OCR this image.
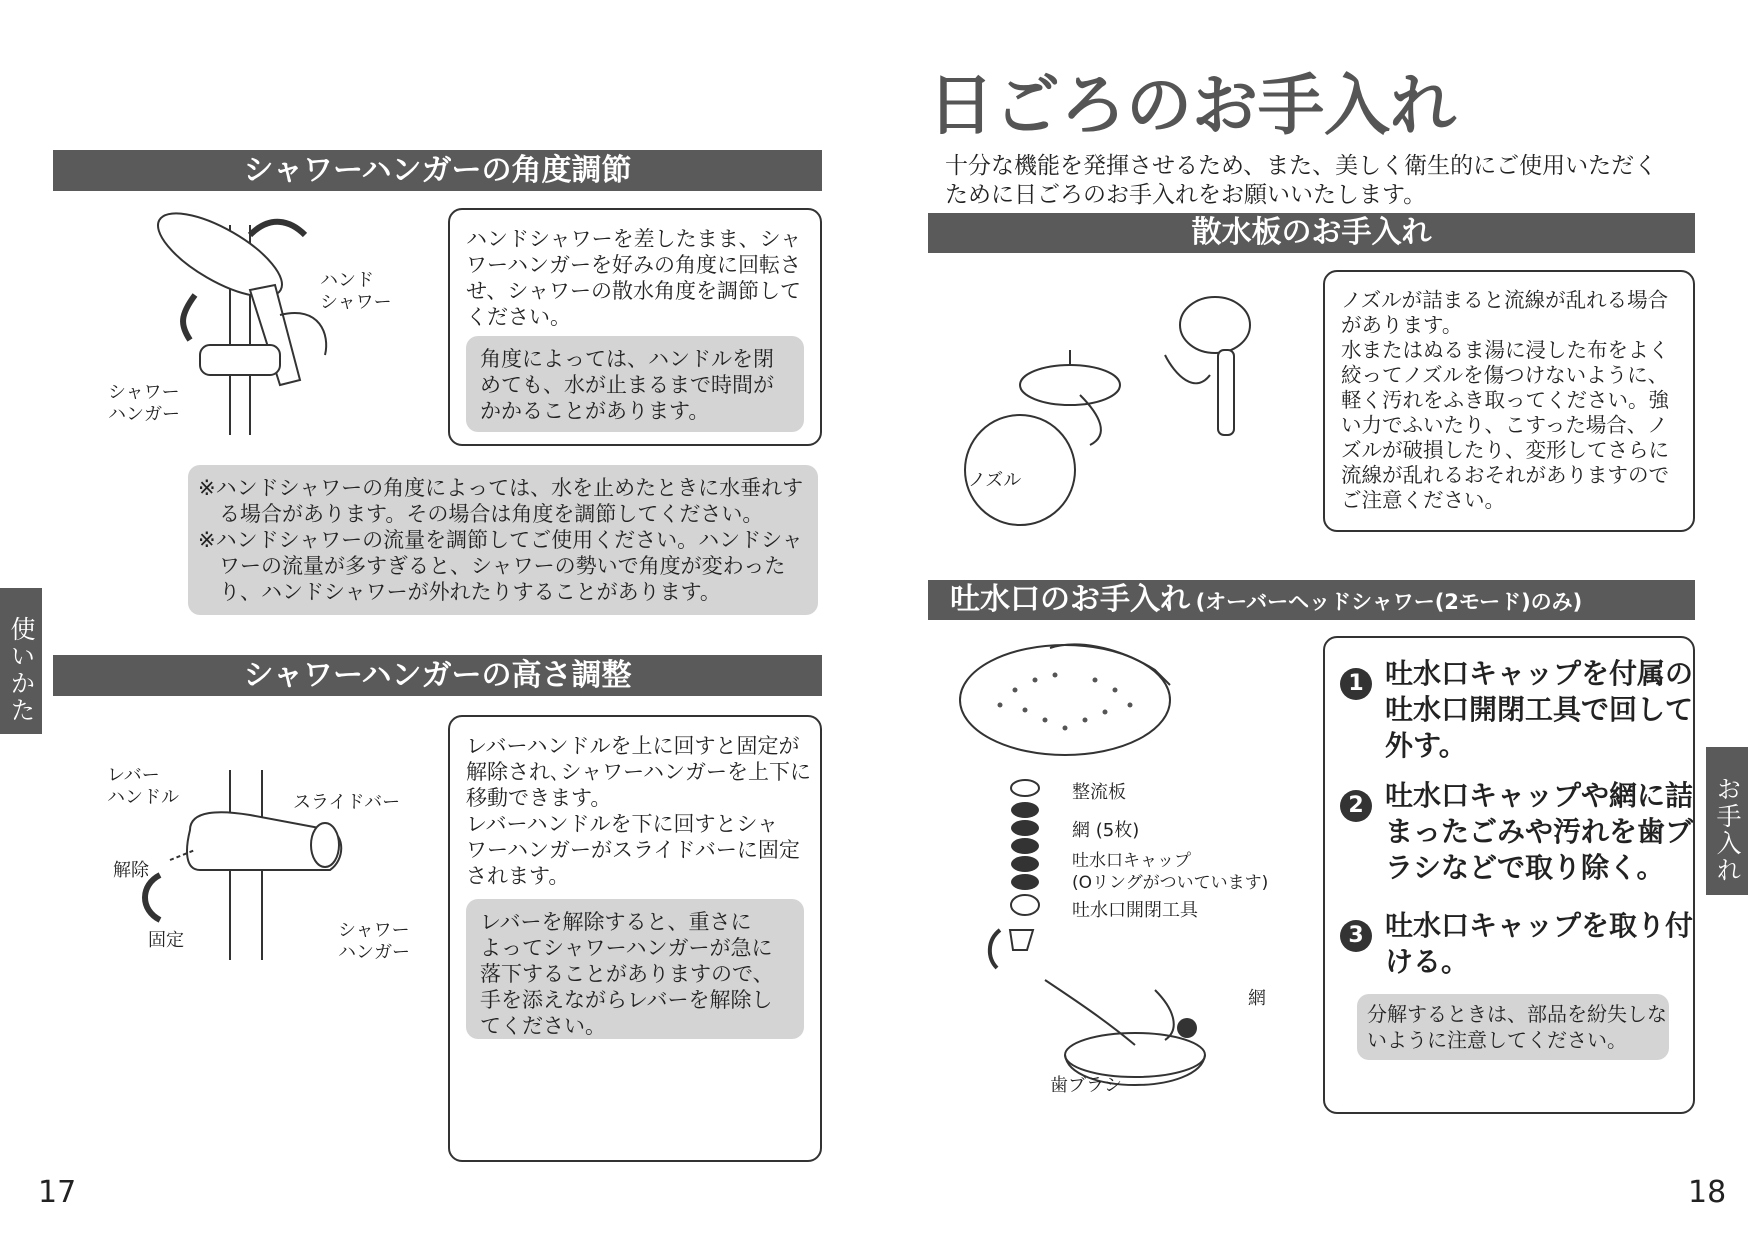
シャワーハンガーの角度調節
ハンド
シャワー
シャワー
ハンガー
ハンドシャワーを差したまま、シャ
ワーハンガーを好みの角度に回転さ
せ、シャワーの散水角度を調節して
ください。
角度によっては、ハンドルを閉
めても、水が止まるまで時間が
かかることがあります。
※ハンドシャワーの角度によっては、水を止めたときに水垂れす
　る場合があります。その場合は角度を調節してください。
※ハンドシャワーの流量を調節してご使用ください。ハンドシャ
　ワーの流量が多すぎると、シャワーの勢いで角度が変わった
　り、ハンドシャワーが外れたりすることがあります。
シャワーハンガーの高さ調整
レバー
ハンドル	スライドバー
解除
固定	シャワー
ハンガー
レバーハンドルを上に回すと固定が
解除され､シャワーハンガーを上下に
移動できます。
レバーハンドルを下に回すとシャ
ワーハンガーがスライドバーに固定
されます。
レバーを解除すると、重さに
よってシャワーハンガーが急に
落下することがありますので、
手を添えながらレバーを解除し
てください。
使いかた
17
日ごろのお手入れ
十分な機能を発揮させるため、また、美しく衛生的にご使用いただく
ために日ごろのお手入れをお願いいたします。
散水板のお手入れ
ノズル
ノズルが詰まると流線が乱れる場合
があります。
水またはぬるま湯に浸した布をよく
絞ってノズルを傷つけないように、
軽く汚れをふき取ってください。強
い力でふいたり、こすった場合、ノ
ズルが破損したり、変形してさらに
流線が乱れるおそれがありますので
ご注意ください。
吐水口のお手入れ (オーバーヘッドシャワー(2モード)のみ)
整流板
網 (5枚)
吐水口キャップ
(Oリングがついています)
吐水口開閉工具
網
歯ブラシ
1 吐水口キャップを付属の
吐水口開閉工具で回して
外す。
2 吐水口キャップや網に詰
まったごみや汚れを歯ブ
ラシなどで取り除く。
3 吐水口キャップを取り付
ける。
分解するときは、部品を紛失しな
いように注意してください。
お手入れ
18
